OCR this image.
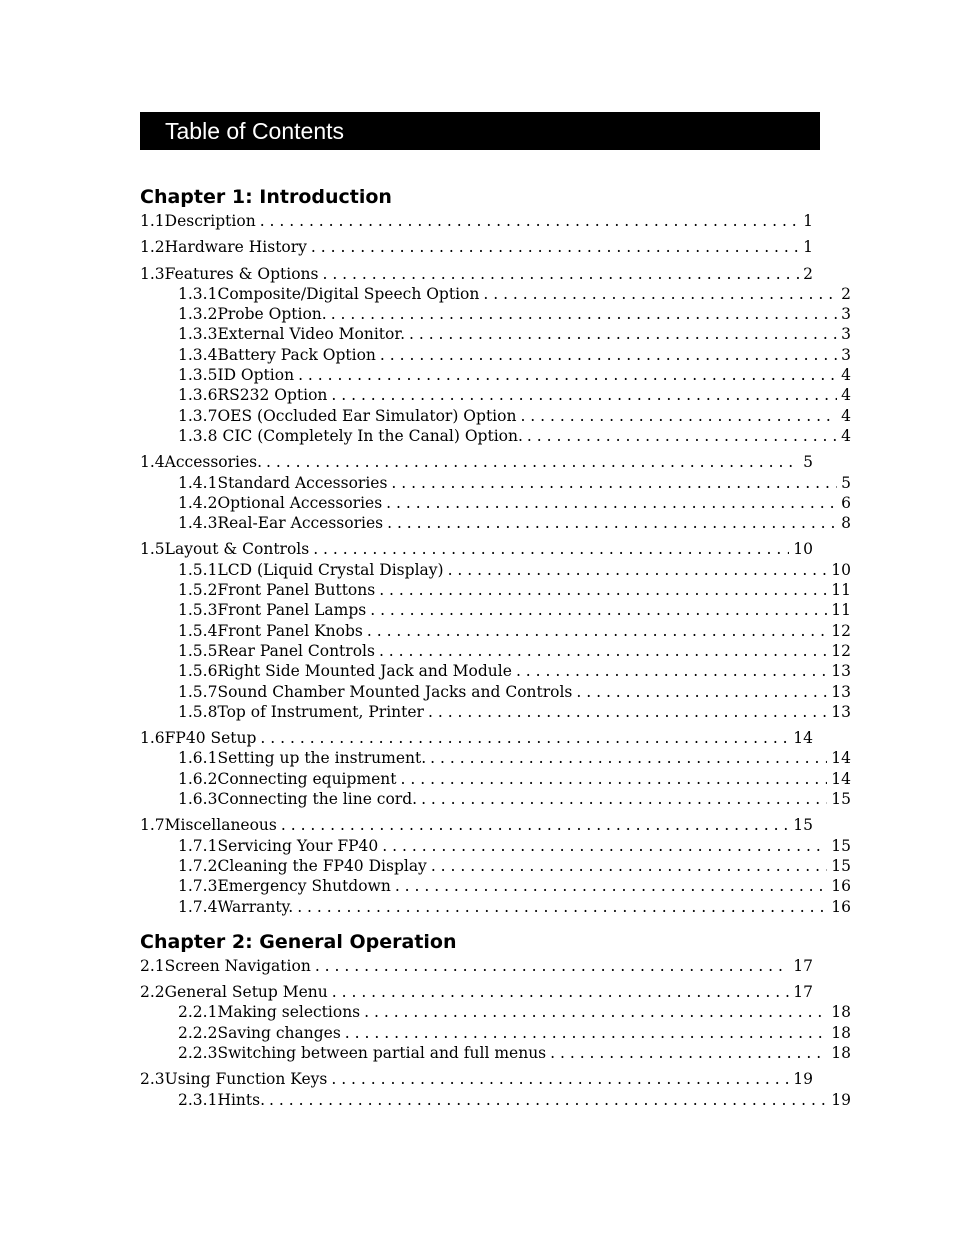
Table of Contents
Chapter 1: Introduction
1.1 Description . . .	1
1.2 Hardware History . . .	1
1.3 Features & Options . . .	2
1.3.1 Composite/Digital Speech Option . . .	2
1.3.2 Probe Option. . . .	3
1.3.3 External Video Monitor. . . .	3
1.3.4 Battery Pack Option . . .	3
1.3.5 ID Option . . .	4
1.3.6 RS232 Option . . .	4
1.3.7 OES (Occluded Ear Simulator) Option . . .	4
1.3.8 CIC (Completely In the Canal) Option. . . .	4
1.4 Accessories. . . .	5
1.4.1 Standard Accessories . . .	5
1.4.2 Optional Accessories . . .	6
1.4.3 Real-Ear Accessories . . .	8
1.5 Layout & Controls . . .	10
1.5.1 LCD (Liquid Crystal Display) . . .	10
1.5.2 Front Panel Buttons . . .	11
1.5.3 Front Panel Lamps . . .	11
1.5.4 Front Panel Knobs . . .	12
1.5.5 Rear Panel Controls . . .	12
1.5.6 Right Side Mounted Jack and Module . . .	13
1.5.7 Sound Chamber Mounted Jacks and Controls . . .	13
1.5.8 Top of Instrument, Printer . . .	13
1.6 FP40 Setup . . .	14
1.6.1 Setting up the instrument. . . .	14
1.6.2 Connecting equipment . . .	14
1.6.3 Connecting the line cord. . . .	15
1.7 Miscellaneous . . .	15
1.7.1 Servicing Your FP40 . . .	15
1.7.2 Cleaning the FP40 Display . . .	15
1.7.3 Emergency Shutdown . . .	16
1.7.4 Warranty. . . .	16
Chapter 2: General Operation
2.1 Screen Navigation . . .	17
2.2 General Setup Menu . . .	17
2.2.1 Making selections . . .	18
2.2.2 Saving changes . . .	18
2.2.3 Switching between partial and full menus . . .	18
2.3 Using Function Keys . . .	19
2.3.1 Hints. . . .	19
